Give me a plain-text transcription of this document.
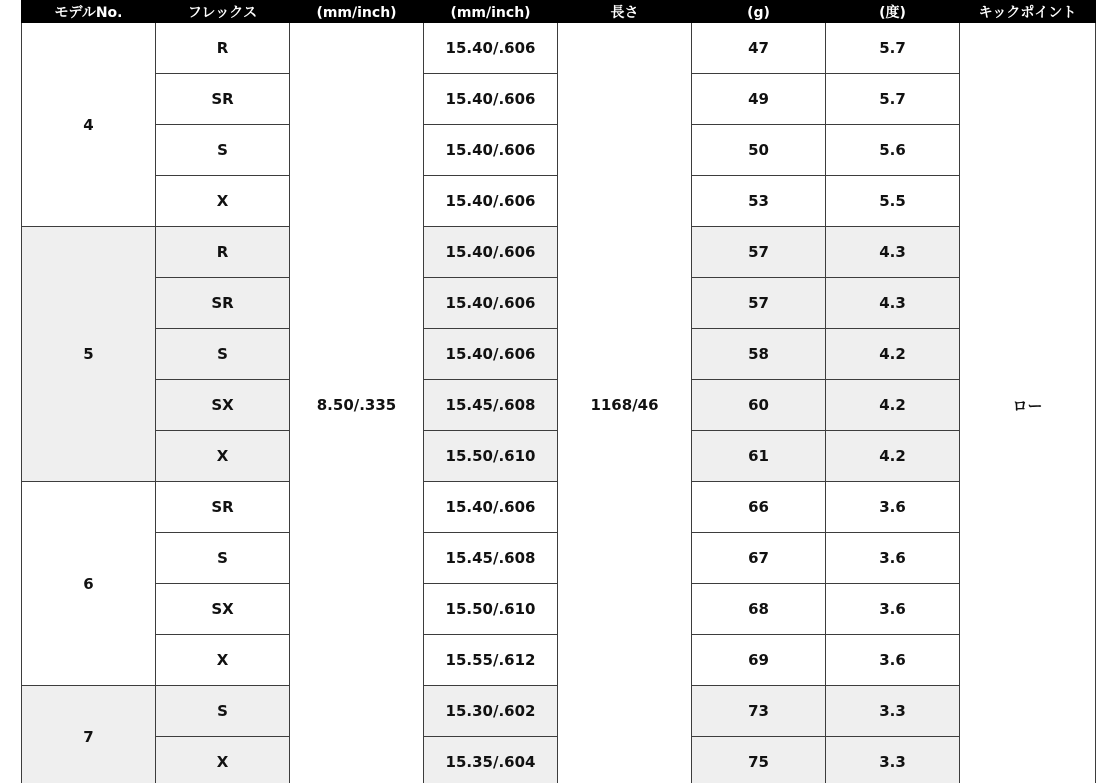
モデルNo.	フレックス	(mm/inch)	(mm/inch)	長さ	(g)	(度)	キックポイント

4	R	8.50/.335	15.40/.606	1168/46	47	5.7	ロー
	SR		15.40/.606		49	5.7	
	S		15.40/.606		50	5.6	
	X		15.40/.606		53	5.5	
5	R		15.40/.606		57	4.3	
	SR		15.40/.606		57	4.3	
	S		15.40/.606		58	4.2	
	SX		15.45/.608		60	4.2	
	X		15.50/.610		61	4.2	
6	SR		15.40/.606		66	3.6	
	S		15.45/.608		67	3.6	
	SX		15.50/.610		68	3.6	
	X		15.55/.612		69	3.6	
7	S		15.30/.602		73	3.3	
	X		15.35/.604		75	3.3	
